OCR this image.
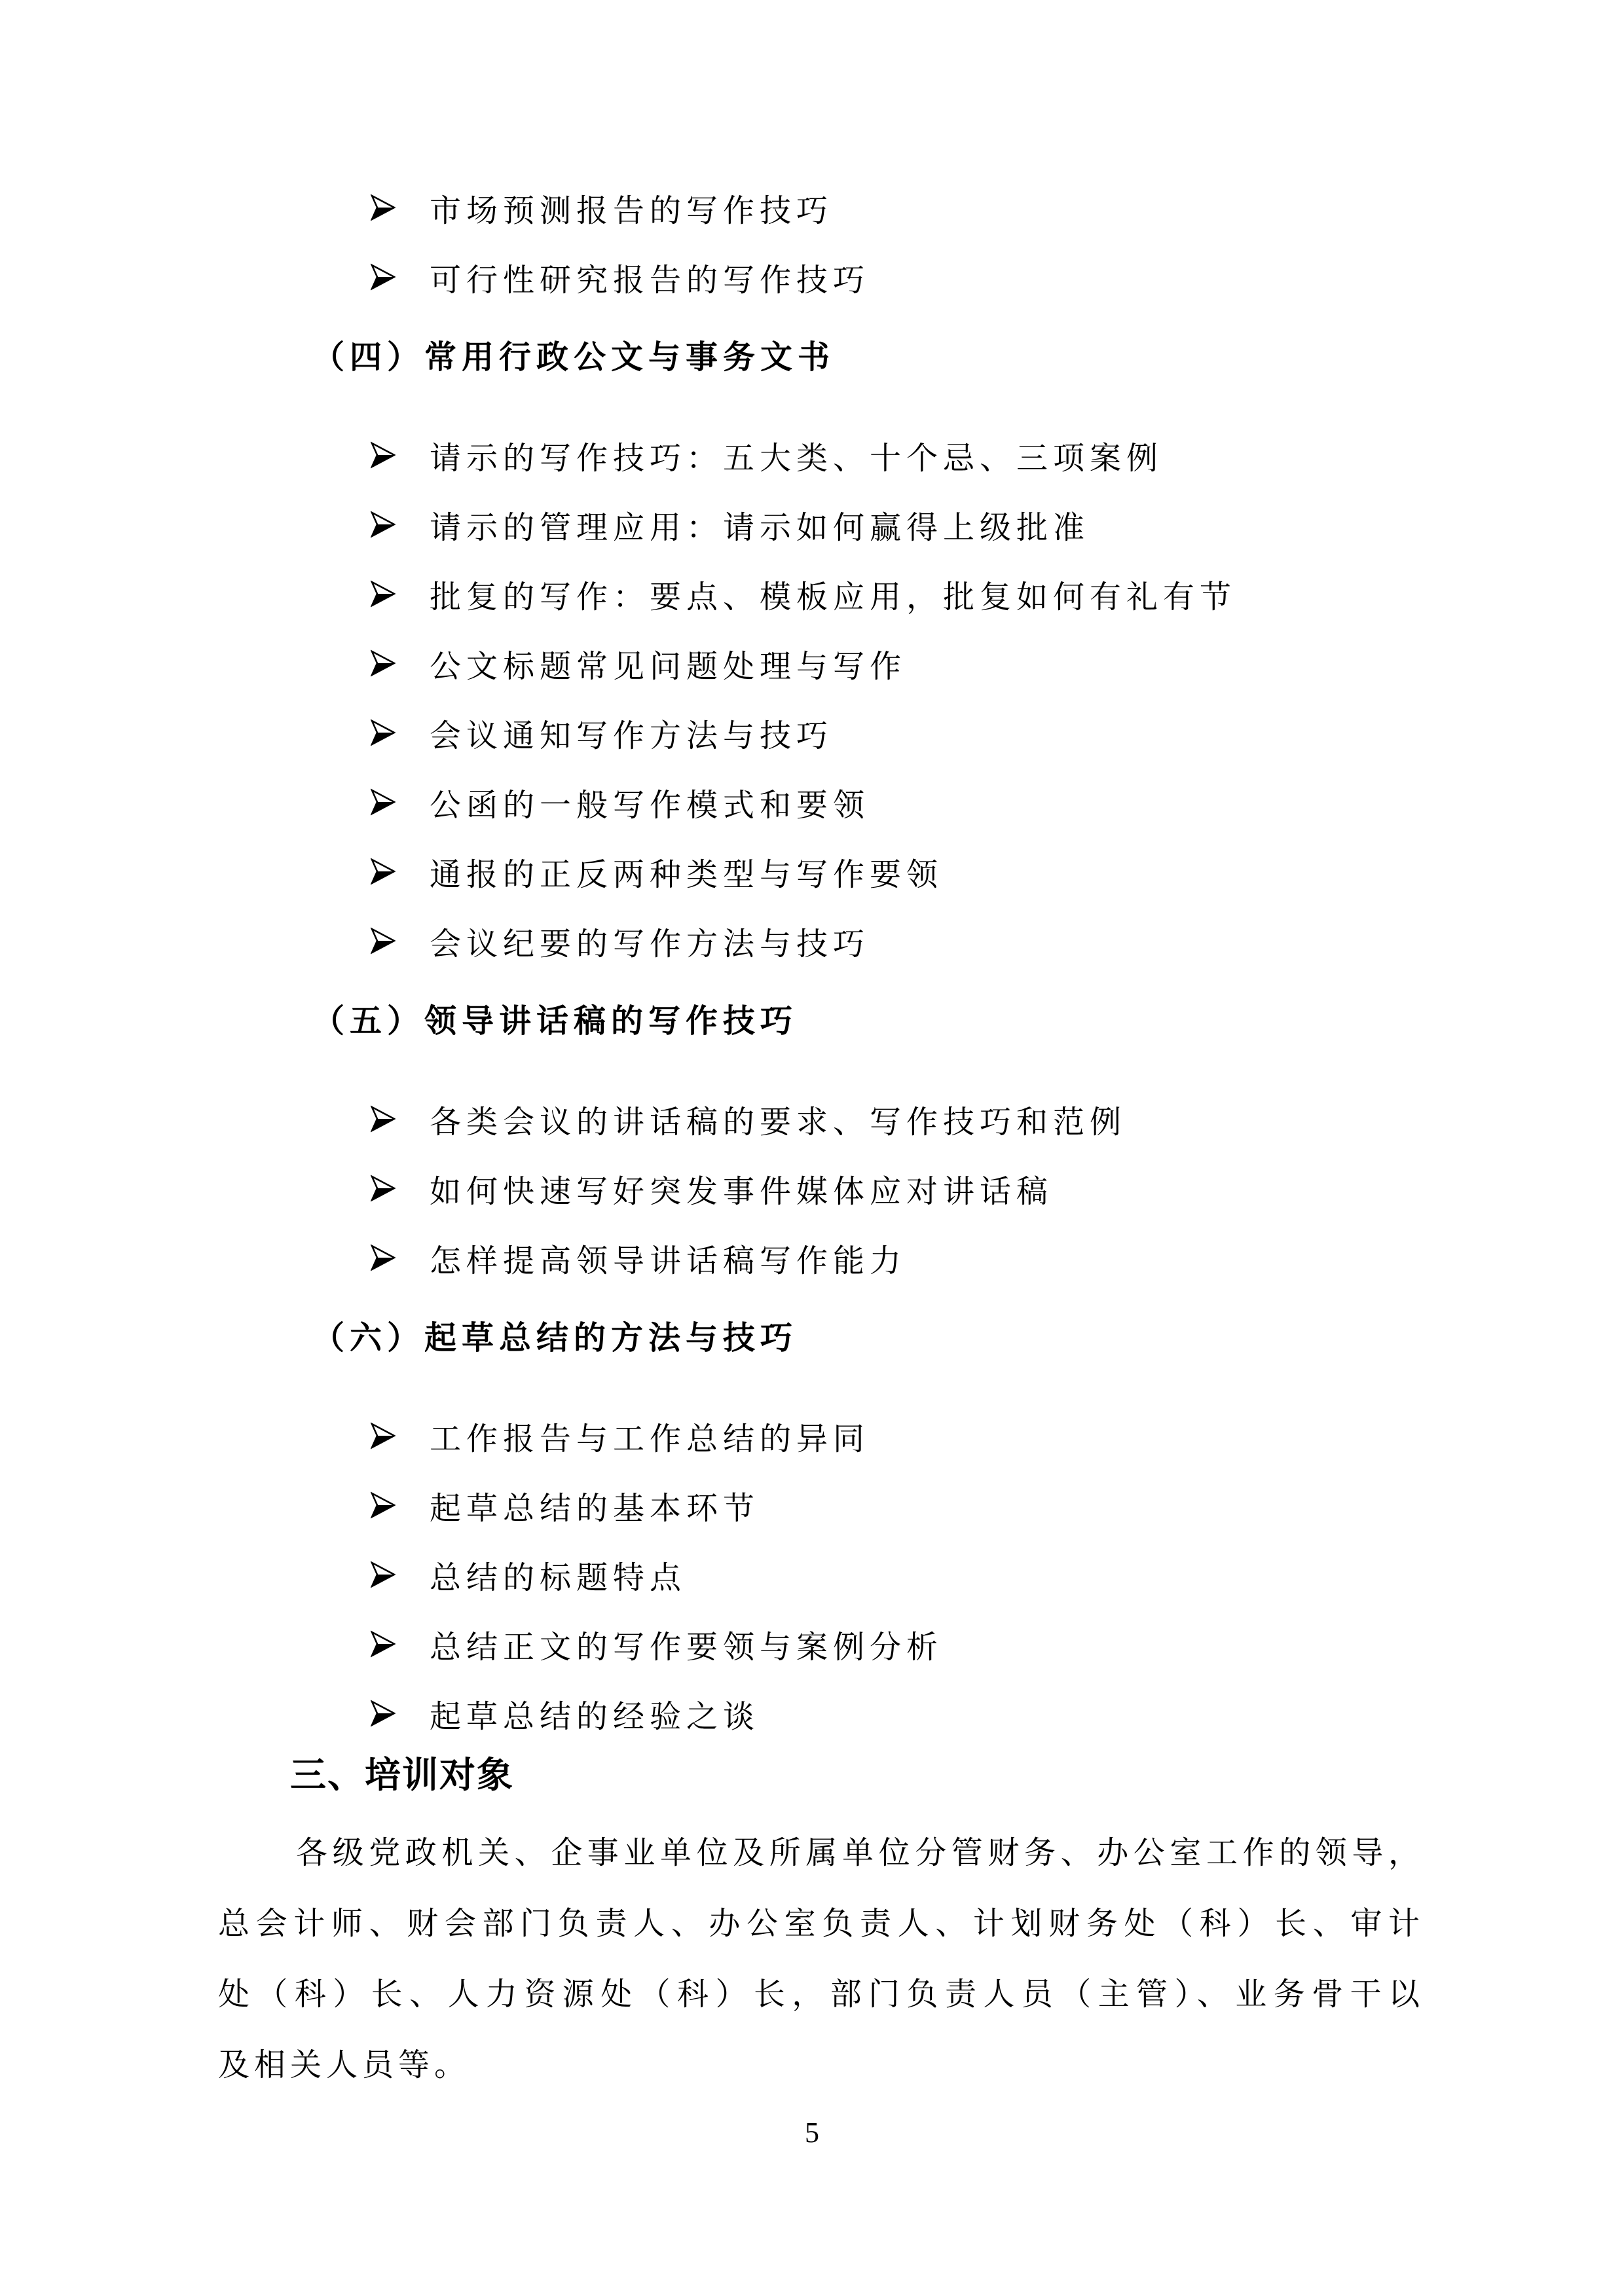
市场预测报告的写作技巧
可行性研究报告的写作技巧
（四）常用行政公文与事务文书
请示的写作技巧：五大类、十个忌、三项案例
请示的管理应用：请示如何赢得上级批准
批复的写作：要点、模板应用，批复如何有礼有节
公文标题常见问题处理与写作
会议通知写作方法与技巧
公函的一般写作模式和要领
通报的正反两种类型与写作要领
会议纪要的写作方法与技巧
（五）领导讲话稿的写作技巧
各类会议的讲话稿的要求、写作技巧和范例
如何快速写好突发事件媒体应对讲话稿
怎样提高领导讲话稿写作能力
（六）起草总结的方法与技巧
工作报告与工作总结的异同
起草总结的基本环节
总结的标题特点
总结正文的写作要领与案例分析
起草总结的经验之谈
三、培训对象
各级党政机关、企事业单位及所属单位分管财务、办公室工作的领导，
总会计师、财会部门负责人、办公室负责人、计划财务处（科）长、审计
处（科）长、人力资源处（科）长，部门负责人员（主管）、业务骨干以
及相关人员等。
5
